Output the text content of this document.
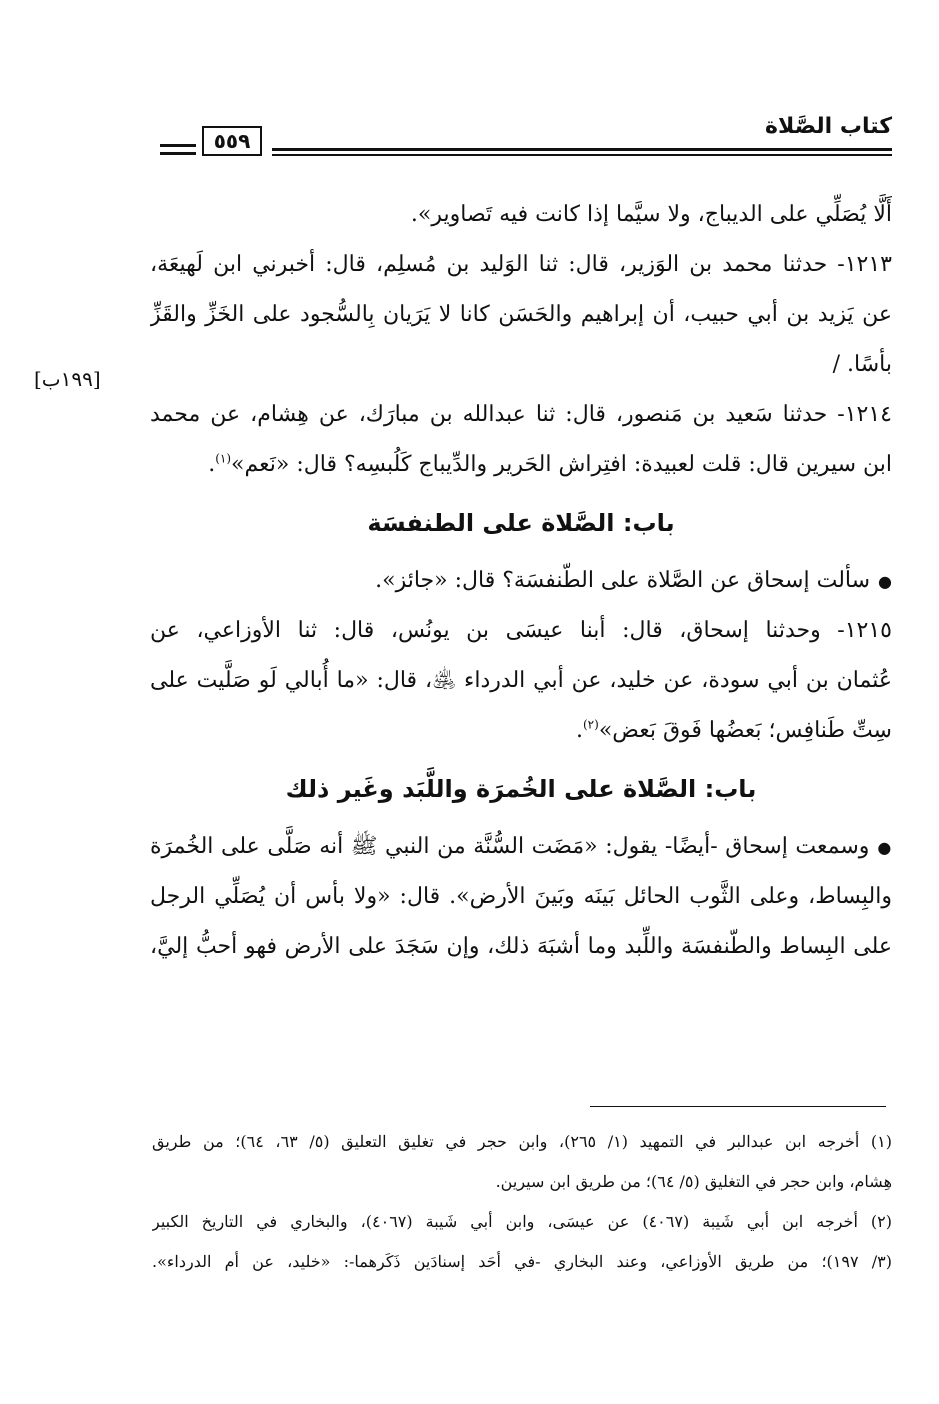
كتاب الصَّلاة
٥٥٩
[١٩٩ب]
أَلَّا يُصَلِّي على الديباج، ولا سيَّما إذا كانت فيه تَصاوير».
١٢١٣- حدثنا محمد بن الوَزير، قال: ثنا الوَليد بن مُسلِم، قال: أخبرني ابن لَهيعَة،
عن يَزيد بن أبي حبيب، أن إبراهيم والحَسَن كانا لا يَرَيان بِالسُّجود على الخَزِّ والقَزِّ
بأسًا. /
١٢١٤- حدثنا سَعيد بن مَنصور، قال: ثنا عبدالله بن مبارَك، عن هِشام، عن محمد
ابن سيرين قال: قلت لعبيدة: افتِراش الحَرير والدِّيباج كَلُبسِه؟ قال: «نَعم»$^{(١)}$.
باب: الصَّلاة على الطنفسَة
●سألت إسحاق عن الصَّلاة على الطّنفسَة؟ قال: «جائز».
١٢١٥- وحدثنا إسحاق، قال: أبنا عيسَى بن يونُس، قال: ثنا الأوزاعي، عن
عُثمان بن أبي سودة، عن خليد، عن أبي الدرداء ﵁، قال: «ما أُبالي لَو صَلَّيت على
سِتِّ طَنافِس؛ بَعضُها فَوقَ بَعض»$^{(٢)}$.
باب: الصَّلاة على الخُمرَة واللَّبَد وغَير ذلك
●وسمعت إسحاق -أيضًا- يقول: «مَضَت السُّنَّة من النبي ﷺ أنه صَلَّى على الخُمرَة
والبِساط، وعلى الثَّوب الحائل بَينَه وبَينَ الأرض». قال: «ولا بأس أن يُصَلِّي الرجل
على البِساط والطّنفسَة واللِّبد وما أشبَهَ ذلك، وإن سَجَدَ على الأرض فهو أحبُّ إليَّ،
(١) أخرجه ابن عبدالبر في التمهيد (١/ ٢٦٥)، وابن حجر في تغليق التعليق (٥/ ٦٣، ٦٤)؛ من طريق
هِشام، وابن حجر في التغليق (٥/ ٦٤)؛ من طريق ابن سيرين.
(٢) أخرجه ابن أبي شَيبة (٤٠٦٧) عن عيسَى، وابن أبي شَيبة (٤٠٦٧)، والبخاري في التاريخ الكبير
(٣/ ١٩٧)؛ من طريق الأوزاعي، وعند البخاري -في أحَد إسنادَين ذَكَرهما-: «خليد، عن أم الدرداء».
